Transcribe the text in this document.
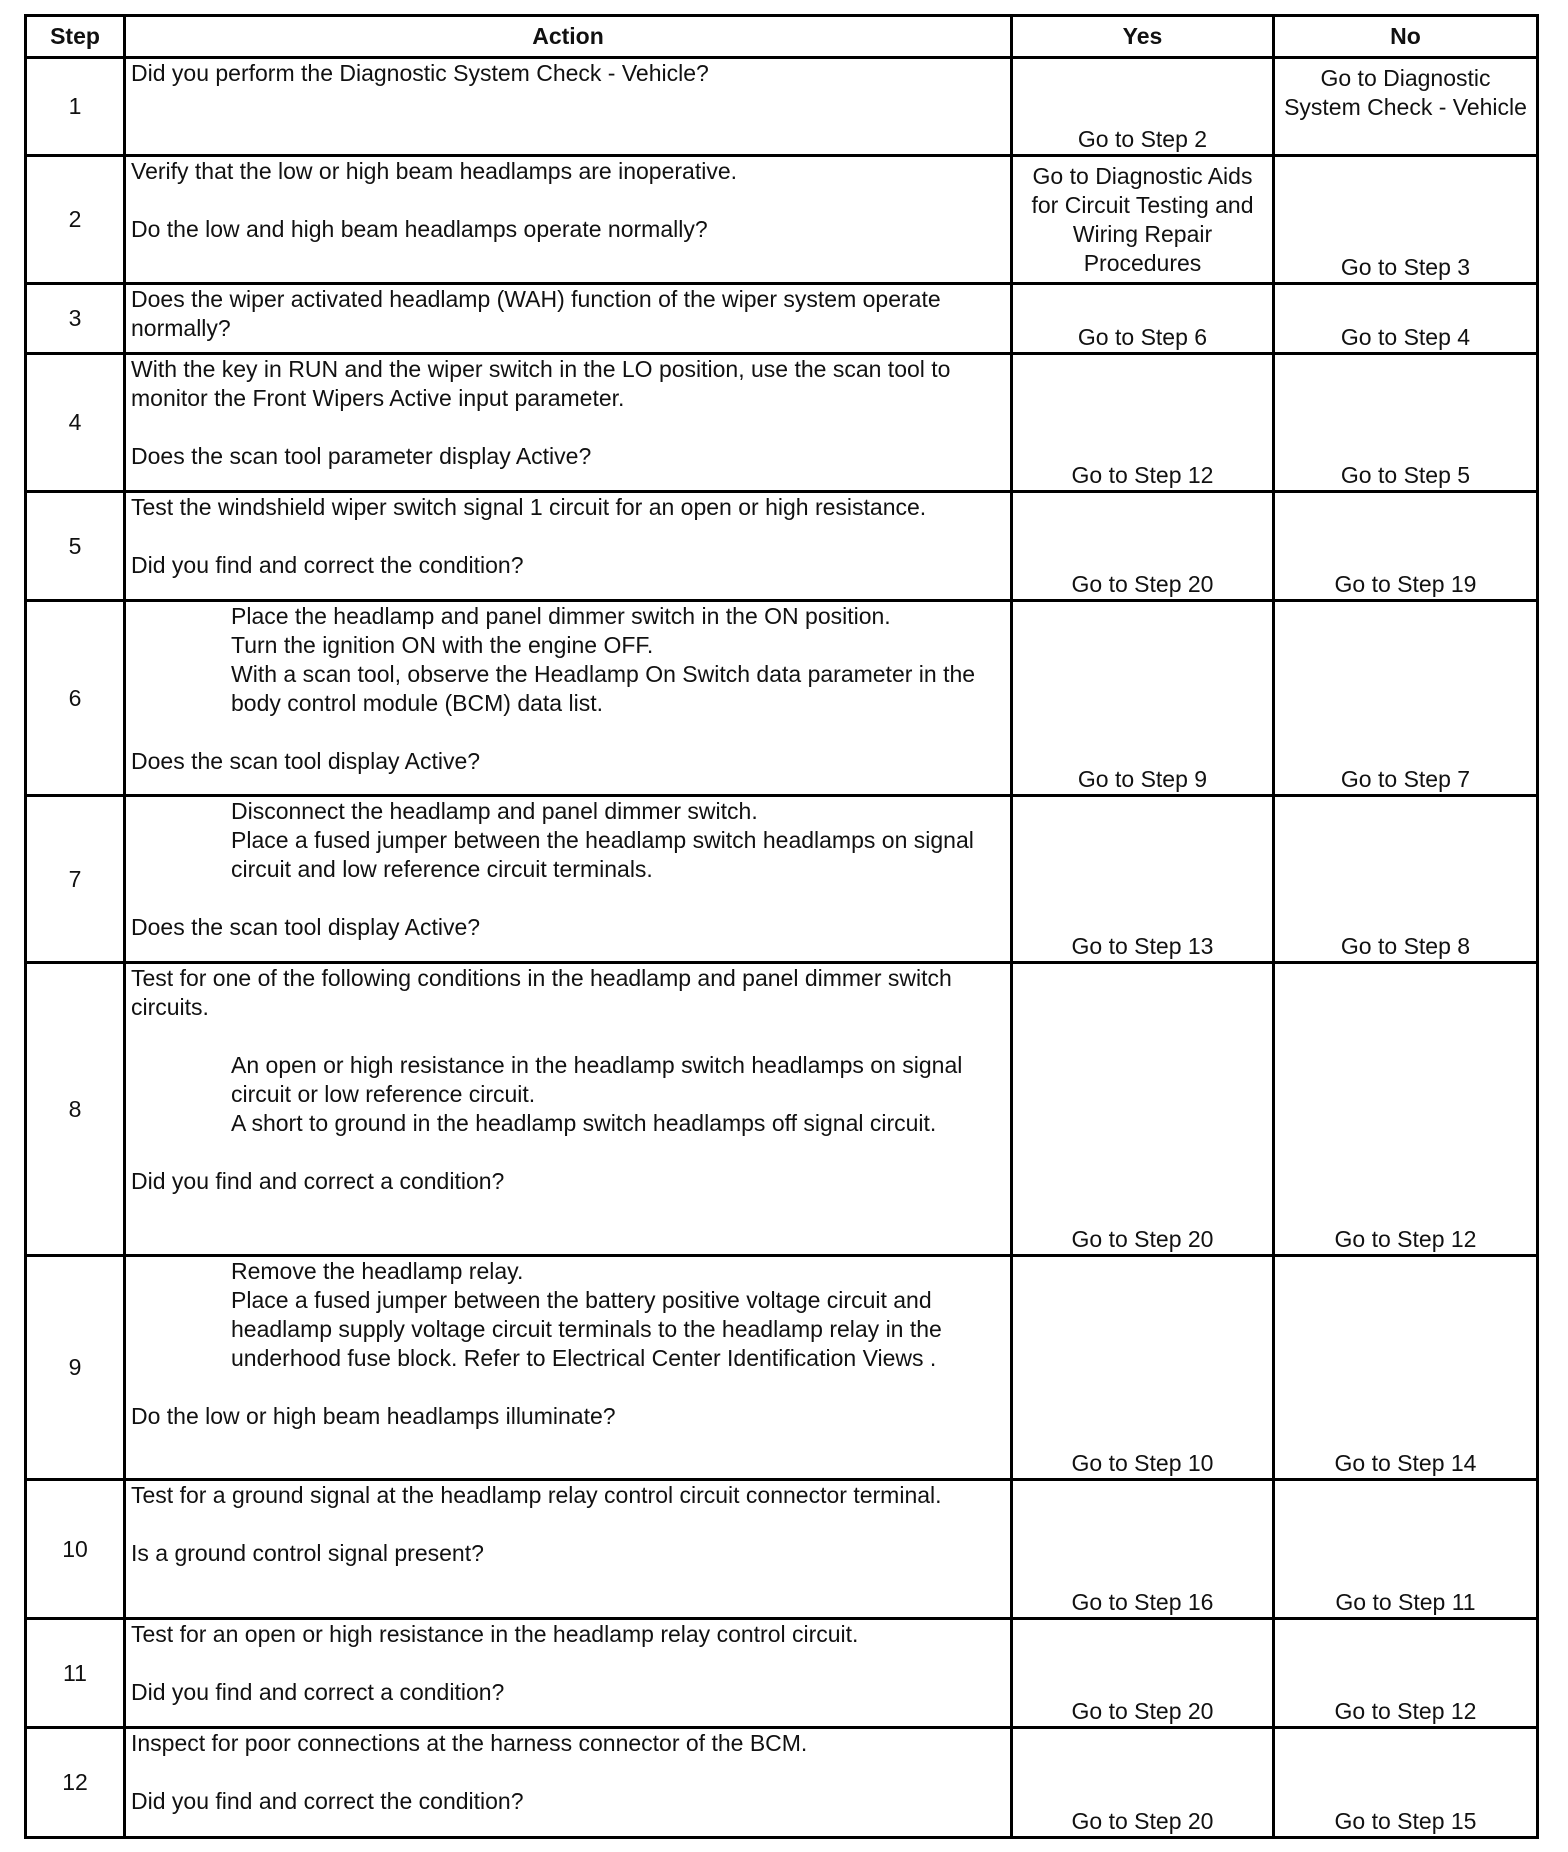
Step	Action	Yes	No
1	Did you perform the Diagnostic System Check - Vehicle?	Go to Step 2	Go to Diagnostic System Check - Vehicle
2	Verify that the low or high beam headlamps are inoperative.
Do the low and high beam headlamps operate normally?	Go to Diagnostic Aids for Circuit Testing and Wiring Repair Procedures	Go to Step 3
3	Does the wiper activated headlamp (WAH) function of the wiper system operate normally?	Go to Step 6	Go to Step 4
4	With the key in RUN and the wiper switch in the LO position, use the scan tool to monitor the Front Wipers Active input parameter.
Does the scan tool parameter display Active?	Go to Step 12	Go to Step 5
5	Test the windshield wiper switch signal 1 circuit for an open or high resistance.
Did you find and correct the condition?	Go to Step 20	Go to Step 19
6	Place the headlamp and panel dimmer switch in the ON position.
Turn the ignition ON with the engine OFF.
With a scan tool, observe the Headlamp On Switch data parameter in the body control module (BCM) data list.
Does the scan tool display Active?	Go to Step 9	Go to Step 7
7	Disconnect the headlamp and panel dimmer switch.
Place a fused jumper between the headlamp switch headlamps on signal circuit and low reference circuit terminals.
Does the scan tool display Active?	Go to Step 13	Go to Step 8
8	Test for one of the following conditions in the headlamp and panel dimmer switch circuits.
An open or high resistance in the headlamp switch headlamps on signal circuit or low reference circuit.
A short to ground in the headlamp switch headlamps off signal circuit.
Did you find and correct a condition?	Go to Step 20	Go to Step 12
9	Remove the headlamp relay.
Place a fused jumper between the battery positive voltage circuit and headlamp supply voltage circuit terminals to the headlamp relay in the underhood fuse block. Refer to Electrical Center Identification Views .
Do the low or high beam headlamps illuminate?	Go to Step 10	Go to Step 14
10	Test for a ground signal at the headlamp relay control circuit connector terminal.
Is a ground control signal present?	Go to Step 16	Go to Step 11
11	Test for an open or high resistance in the headlamp relay control circuit.
Did you find and correct a condition?	Go to Step 20	Go to Step 12
12	Inspect for poor connections at the harness connector of the BCM.
Did you find and correct the condition?	Go to Step 20	Go to Step 15
